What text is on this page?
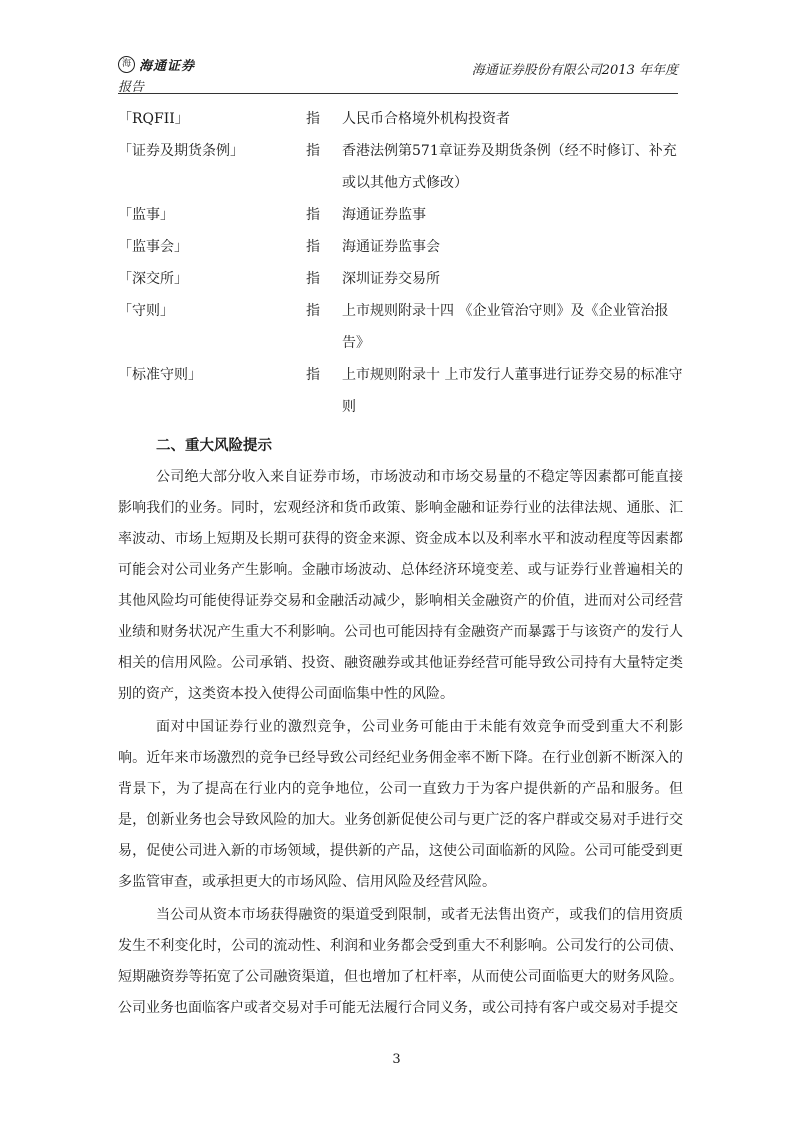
海 海通证券	海通证券股份有限公司2013 年年度
报告
「RQFII」	指	人民币合格境外机构投资者
「证券及期货条例」	指	香港法例第571章证券及期货条例（经不时修订、补充或以其他方式修改）
「监事」	指	海通证券监事
「监事会」	指	海通证券监事会
「深交所」	指	深圳证券交易所
「守则」	指	上市规则附录十四 《企业管治守则》及《企业管治报告》
「标准守则」	指	上市规则附录十 上市发行人董事进行证券交易的标准守则
二、重大风险提示

公司绝大部分收入来自证券市场，市场波动和市场交易量的不稳定等因素都可能直接影响我们的业务。同时，宏观经济和货币政策、影响金融和证券行业的法律法规、通胀、汇率波动、市场上短期及长期可获得的资金来源、资金成本以及利率水平和波动程度等因素都可能会对公司业务产生影响。金融市场波动、总体经济环境变差、或与证券行业普遍相关的其他风险均可能使得证券交易和金融活动减少，影响相关金融资产的价值，进而对公司经营业绩和财务状况产生重大不利影响。公司也可能因持有金融资产而暴露于与该资产的发行人相关的信用风险。公司承销、投资、融资融券或其他证券经营可能导致公司持有大量特定类别的资产，这类资本投入使得公司面临集中性的风险。

面对中国证券行业的激烈竞争，公司业务可能由于未能有效竞争而受到重大不利影响。近年来市场激烈的竞争已经导致公司经纪业务佣金率不断下降。在行业创新不断深入的背景下，为了提高在行业内的竞争地位，公司一直致力于为客户提供新的产品和服务。但是，创新业务也会导致风险的加大。业务创新促使公司与更广泛的客户群或交易对手进行交易，促使公司进入新的市场领域，提供新的产品，这使公司面临新的风险。公司可能受到更多监管审查，或承担更大的市场风险、信用风险及经营风险。

当公司从资本市场获得融资的渠道受到限制，或者无法售出资产，或我们的信用资质发生不利变化时，公司的流动性、利润和业务都会受到重大不利影响。公司发行的公司债、短期融资券等拓宽了公司融资渠道，但也增加了杠杆率，从而使公司面临更大的财务风险。公司业务也面临客户或者交易对手可能无法履行合同义务，或公司持有客户或交易对手提交

3
